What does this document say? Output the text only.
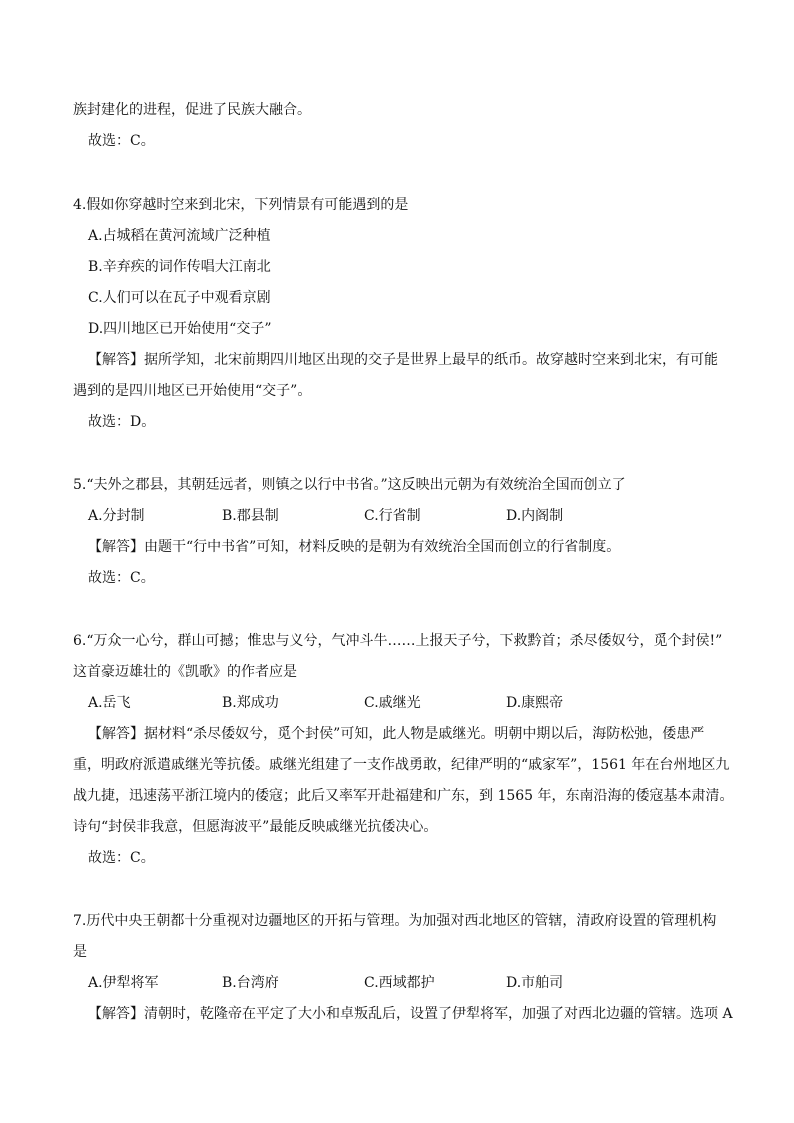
族封建化的进程，促进了民族大融合。
故选：C。
4.假如你穿越时空来到北宋，下列情景有可能遇到的是
A.占城稻在黄河流域广泛种植
B.辛弃疾的词作传唱大江南北
C.人们可以在瓦子中观看京剧
D.四川地区已开始使用“交子”
【解答】据所学知，北宋前期四川地区出现的交子是世界上最早的纸币。故穿越时空来到北宋，有可能
遇到的是四川地区已开始使用“交子”。
故选：D。
5.“夫外之郡县，其朝廷远者，则镇之以行中书省。”这反映出元朝为有效统治全国而创立了
A.分封制	B.郡县制	C.行省制	D.内阁制
【解答】由题干“行中书省”可知，材料反映的是朝为有效统治全国而创立的行省制度。
故选：C。
6.“万众一心兮，群山可撼；惟忠与义兮，气冲斗牛……上报天子兮，下救黔首；杀尽倭奴兮，觅个封侯!”
这首豪迈雄壮的《凯歌》的作者应是
A.岳飞	B.郑成功	C.戚继光	D.康熙帝
【解答】据材料“杀尽倭奴兮，觅个封侯”可知，此人物是戚继光。明朝中期以后，海防松弛，倭患严
重，明政府派遣戚继光等抗倭。戚继光组建了一支作战勇敢，纪律严明的“戚家军”，1561 年在台州地区九
战九捷，迅速荡平浙江境内的倭寇；此后又率军开赴福建和广东，到 1565 年，东南沿海的倭寇基本肃清。
诗句“封侯非我意，但愿海波平”最能反映戚继光抗倭决心。
故选：C。
7.历代中央王朝都十分重视对边疆地区的开拓与管理。为加强对西北地区的管辖，清政府设置的管理机构
是
A.伊犁将军	B.台湾府	C.西域都护	D.市舶司
【解答】清朝时，乾隆帝在平定了大小和卓叛乱后，设置了伊犁将军，加强了对西北边疆的管辖。选项 A
